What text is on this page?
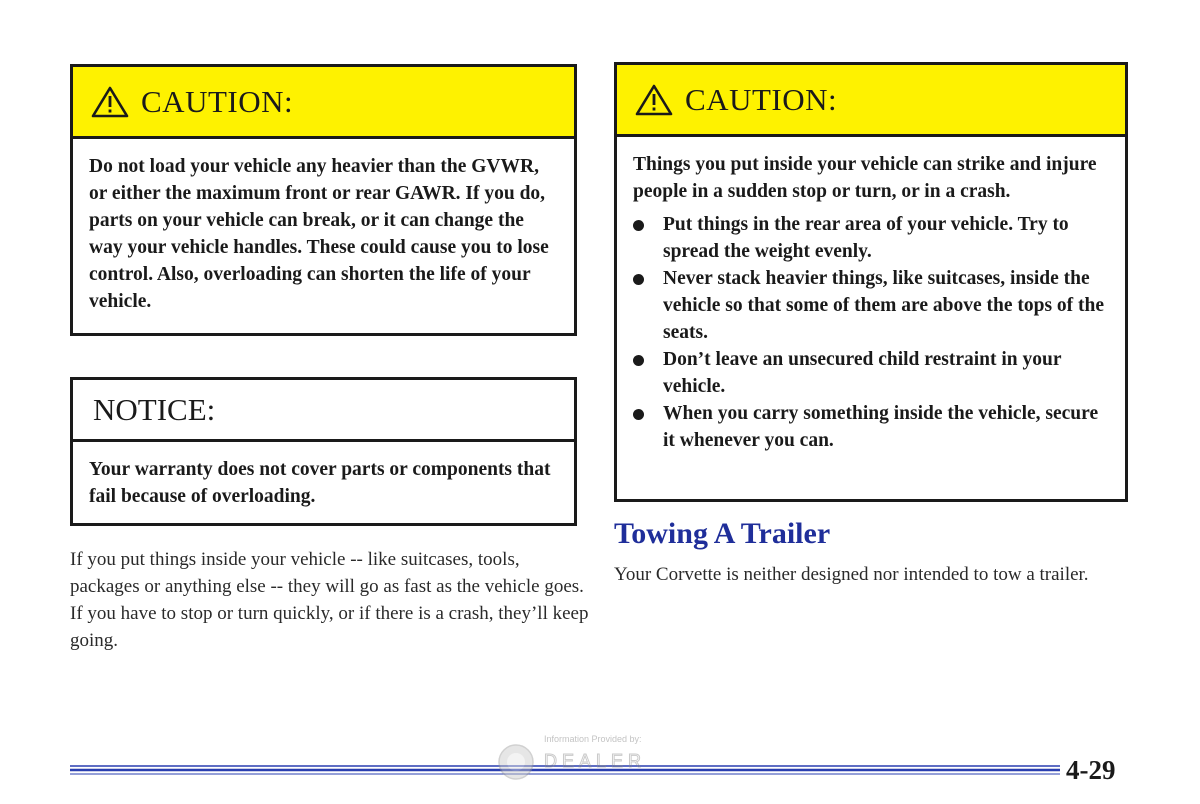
CAUTION:
Do not load your vehicle any heavier than the GVWR, or either the maximum front or rear GAWR. If you do, parts on your vehicle can break, or it can change the way your vehicle handles. These could cause you to lose control. Also, overloading can shorten the life of your vehicle.
NOTICE:
Your warranty does not cover parts or components that fail because of overloading.
If you put things inside your vehicle -- like suitcases, tools, packages or anything else -- they will go as fast as the vehicle goes. If you have to stop or turn quickly, or if there is a crash, they’ll keep going.
CAUTION:
Things you put inside your vehicle can strike and injure people in a sudden stop or turn, or in a crash.
Put things in the rear area of your vehicle. Try to spread the weight evenly.
Never stack heavier things, like suitcases, inside the vehicle so that some of them are above the tops of the seats.
Don’t leave an unsecured child restraint in your vehicle.
When you carry something inside the vehicle, secure it whenever you can.
Towing A Trailer
Your Corvette is neither designed nor intended to tow a trailer.
Information Provided by:
DEALER	4-29
